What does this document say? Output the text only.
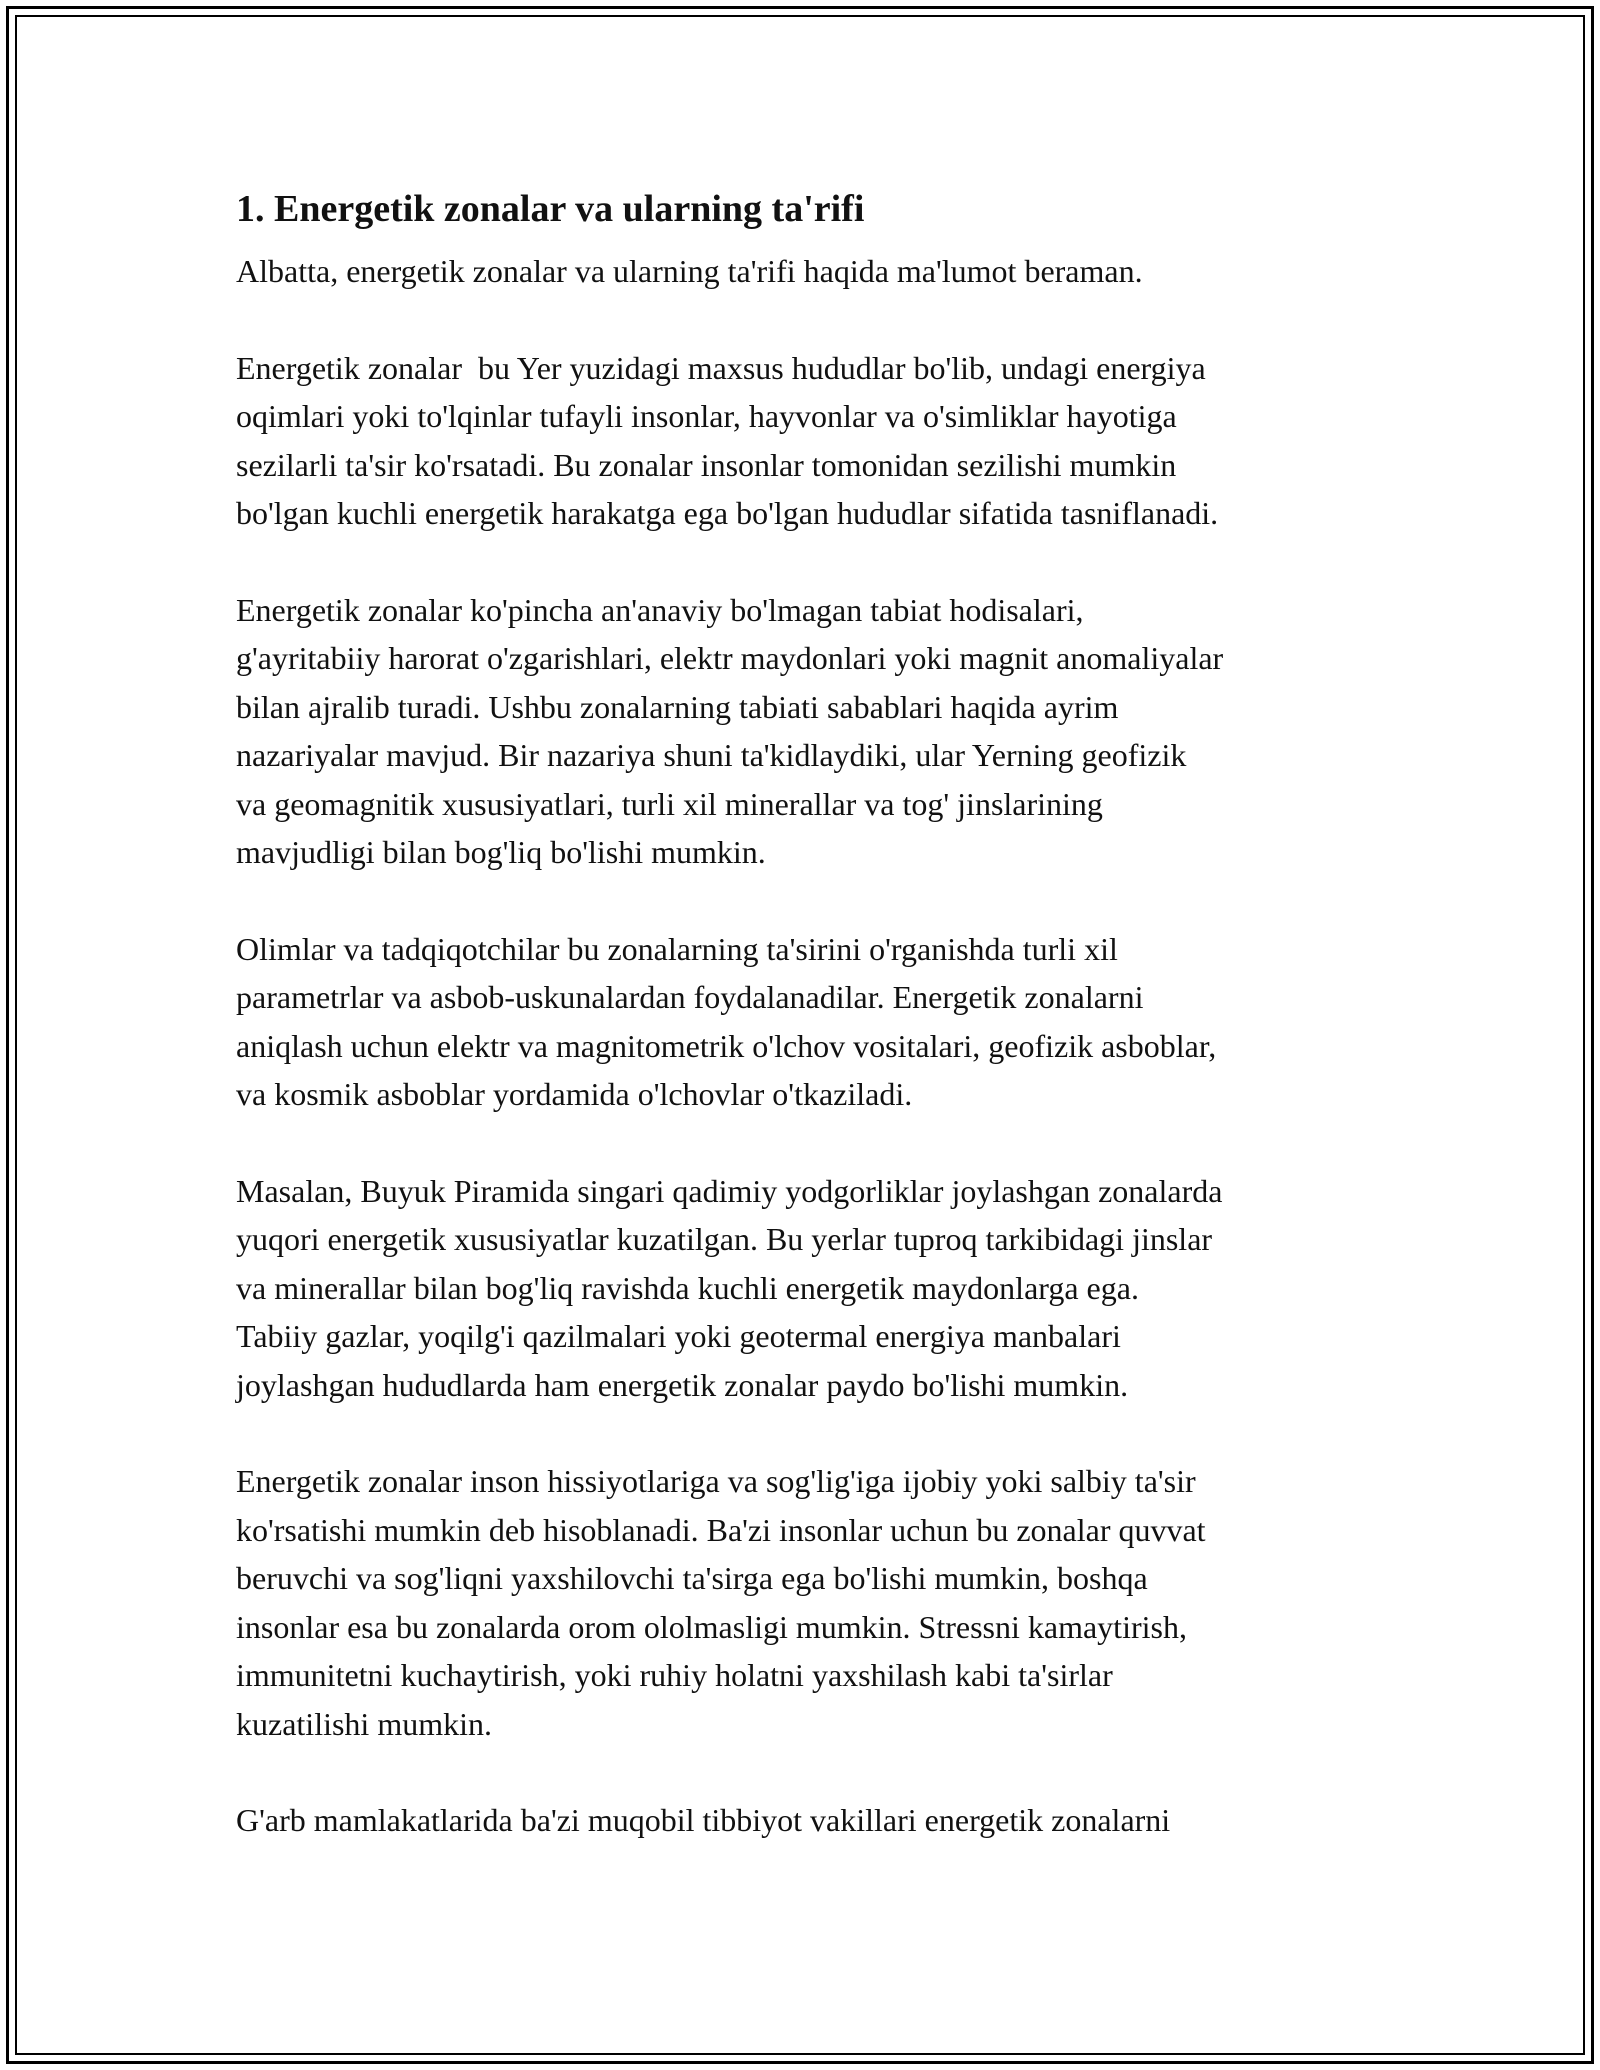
1. Energetik zonalar va ularning ta'rifi
Albatta, energetik zonalar va ularning ta'rifi haqida ma'lumot beraman.
Energetik zonalar  bu Yer yuzidagi maxsus hududlar bo'lib, undagi energiya
oqimlari yoki to'lqinlar tufayli insonlar, hayvonlar va o'simliklar hayotiga
sezilarli ta'sir ko'rsatadi. Bu zonalar insonlar tomonidan sezilishi mumkin
bo'lgan kuchli energetik harakatga ega bo'lgan hududlar sifatida tasniflanadi.
Energetik zonalar ko'pincha an'anaviy bo'lmagan tabiat hodisalari,
g'ayritabiiy harorat o'zgarishlari, elektr maydonlari yoki magnit anomaliyalar
bilan ajralib turadi. Ushbu zonalarning tabiati sabablari haqida ayrim
nazariyalar mavjud. Bir nazariya shuni ta'kidlaydiki, ular Yerning geofizik
va geomagnitik xususiyatlari, turli xil minerallar va tog' jinslarining
mavjudligi bilan bog'liq bo'lishi mumkin.
Olimlar va tadqiqotchilar bu zonalarning ta'sirini o'rganishda turli xil
parametrlar va asbob-uskunalardan foydalanadilar. Energetik zonalarni
aniqlash uchun elektr va magnitometrik o'lchov vositalari, geofizik asboblar,
va kosmik asboblar yordamida o'lchovlar o'tkaziladi.
Masalan, Buyuk Piramida singari qadimiy yodgorliklar joylashgan zonalarda
yuqori energetik xususiyatlar kuzatilgan. Bu yerlar tuproq tarkibidagi jinslar
va minerallar bilan bog'liq ravishda kuchli energetik maydonlarga ega.
Tabiiy gazlar, yoqilg'i qazilmalari yoki geotermal energiya manbalari
joylashgan hududlarda ham energetik zonalar paydo bo'lishi mumkin.
Energetik zonalar inson hissiyotlariga va sog'lig'iga ijobiy yoki salbiy ta'sir
ko'rsatishi mumkin deb hisoblanadi. Ba'zi insonlar uchun bu zonalar quvvat
beruvchi va sog'liqni yaxshilovchi ta'sirga ega bo'lishi mumkin, boshqa
insonlar esa bu zonalarda orom ololmasligi mumkin. Stressni kamaytirish,
immunitetni kuchaytirish, yoki ruhiy holatni yaxshilash kabi ta'sirlar
kuzatilishi mumkin.
G'arb mamlakatlarida ba'zi muqobil tibbiyot vakillari energetik zonalarni
